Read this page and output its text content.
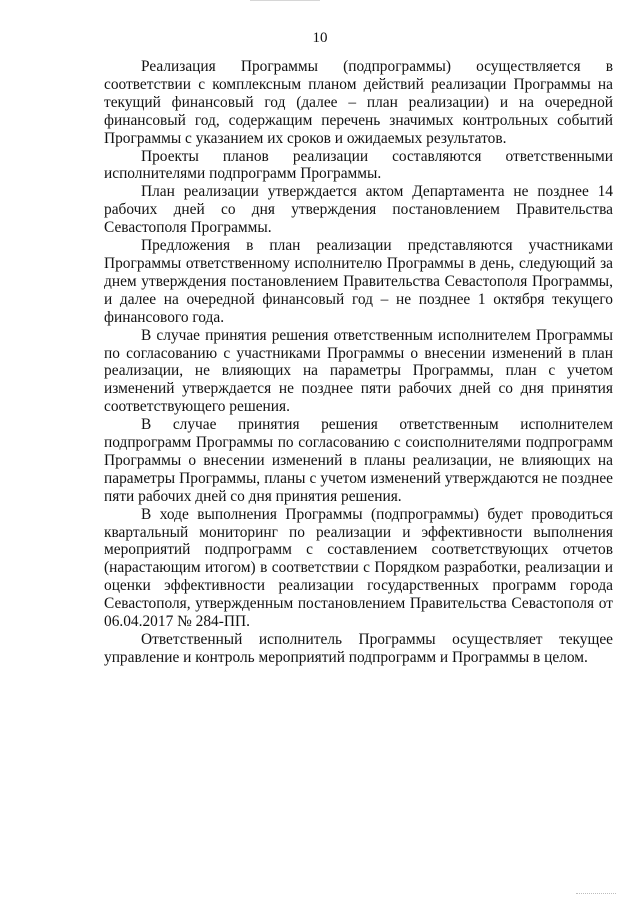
10

Реализация Программы (подпрограммы) осуществляется в соответствии с комплексным планом действий реализации Программы на текущий финансовый год (далее – план реализации) и на очередной финансовый год, содержащим перечень значимых контрольных событий Программы с указанием их сроков и ожидаемых результатов.

Проекты планов реализации составляются ответственными исполнителями подпрограмм Программы.

План реализации утверждается актом Департамента не позднее 14 рабочих дней со дня утверждения постановлением Правительства Севастополя Программы.

Предложения в план реализации представляются участниками Программы ответственному исполнителю Программы в день, следующий за днем утверждения постановлением Правительства Севастополя Программы, и далее на очередной финансовый год – не позднее 1 октября текущего финансового года.

В случае принятия решения ответственным исполнителем Программы по согласованию с участниками Программы о внесении изменений в план реализации, не влияющих на параметры Программы, план с учетом изменений утверждается не позднее пяти рабочих дней со дня принятия соответствующего решения.

В случае принятия решения ответственным исполнителем подпрограмм Программы по согласованию с соисполнителями подпрограмм Программы о внесении изменений в планы реализации, не влияющих на параметры Программы, планы с учетом изменений утверждаются не позднее пяти рабочих дней со дня принятия решения.

В ходе выполнения Программы (подпрограммы) будет проводиться квартальный мониторинг по реализации и эффективности выполнения мероприятий подпрограмм с составлением соответствующих отчетов (нарастающим итогом) в соответствии с Порядком разработки, реализации и оценки эффективности реализации государственных программ города Севастополя, утвержденным постановлением Правительства Севастополя от 06.04.2017 № 284-ПП.

Ответственный исполнитель Программы осуществляет текущее управление и контроль мероприятий подпрограмм и Программы в целом.
